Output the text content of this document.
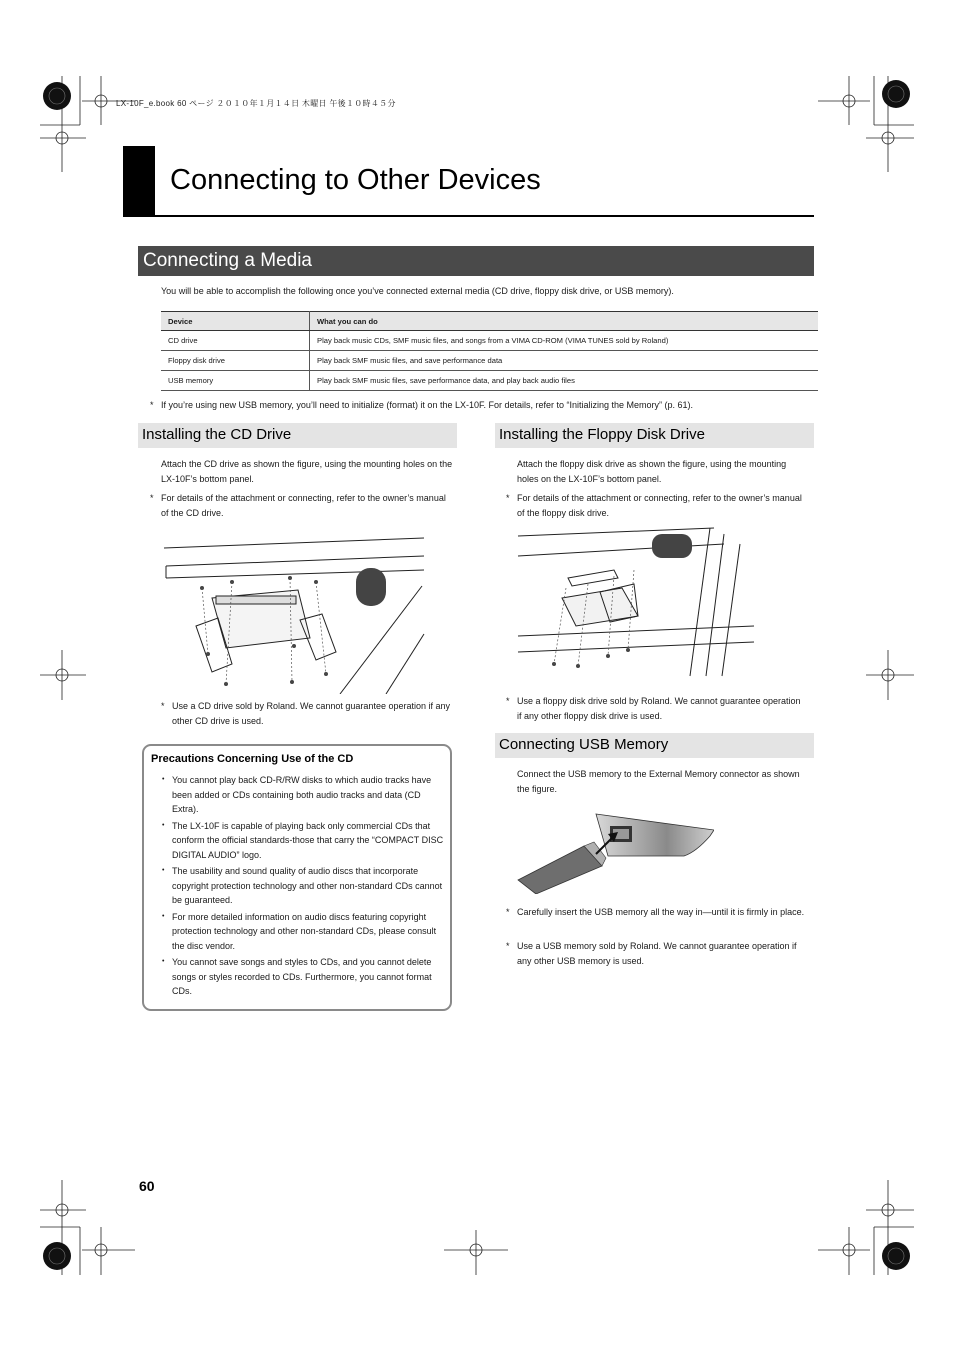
LX-10F_e.book 60 ページ ２０１０年１月１４日 木曜日 午後１０時４５分
Connecting to Other Devices
Connecting a Media
You will be able to accomplish the following once you’ve connected external media (CD drive, floppy disk drive, or USB memory).
Device	What you can do
CD drive	Play back music CDs, SMF music files, and songs from a VIMA CD-ROM (VIMA TUNES sold by Roland)
Floppy disk drive	Play back SMF music files, and save performance data
USB memory	Play back SMF music files, save performance data, and play back audio files
* If you’re using new USB memory, you’ll need to initialize (format) it on the LX-10F. For details, refer to “Initializing the Memory” (p. 61).
Installing the CD Drive
Attach the CD drive as shown the figure, using the mounting holes on the LX-10F’s bottom panel.
* For details of the attachment or connecting, refer to the owner’s manual of the CD drive.
* Use a CD drive sold by Roland. We cannot guarantee operation if any other CD drive is used.
Precautions Concerning Use of the CD
• You cannot play back CD-R/RW disks to which audio tracks have been added or CDs containing both audio tracks and data (CD Extra).
• The LX-10F is capable of playing back only commercial CDs that conform the official standards-those that carry the “COMPACT DISC DIGITAL AUDIO” logo.
• The usability and sound quality of audio discs that incorporate copyright protection technology and other non-standard CDs cannot be guaranteed.
• For more detailed information on audio discs featuring copyright protection technology and other non-standard CDs, please consult the disc vendor.
• You cannot save songs and styles to CDs, and you cannot delete songs or styles recorded to CDs. Furthermore, you cannot format CDs.
Installing the Floppy Disk Drive
Attach the floppy disk drive as shown the figure, using the mounting holes on the LX-10F’s bottom panel.
* For details of the attachment or connecting, refer to the owner’s manual of the floppy disk drive.
* Use a floppy disk drive sold by Roland. We cannot guarantee operation if any other floppy disk drive is used.
Connecting USB Memory
Connect the USB memory to the External Memory connector as shown the figure.
* Carefully insert the USB memory all the way in—until it is firmly in place.
* Use a USB memory sold by Roland. We cannot guarantee operation if any other USB memory is used.
60
